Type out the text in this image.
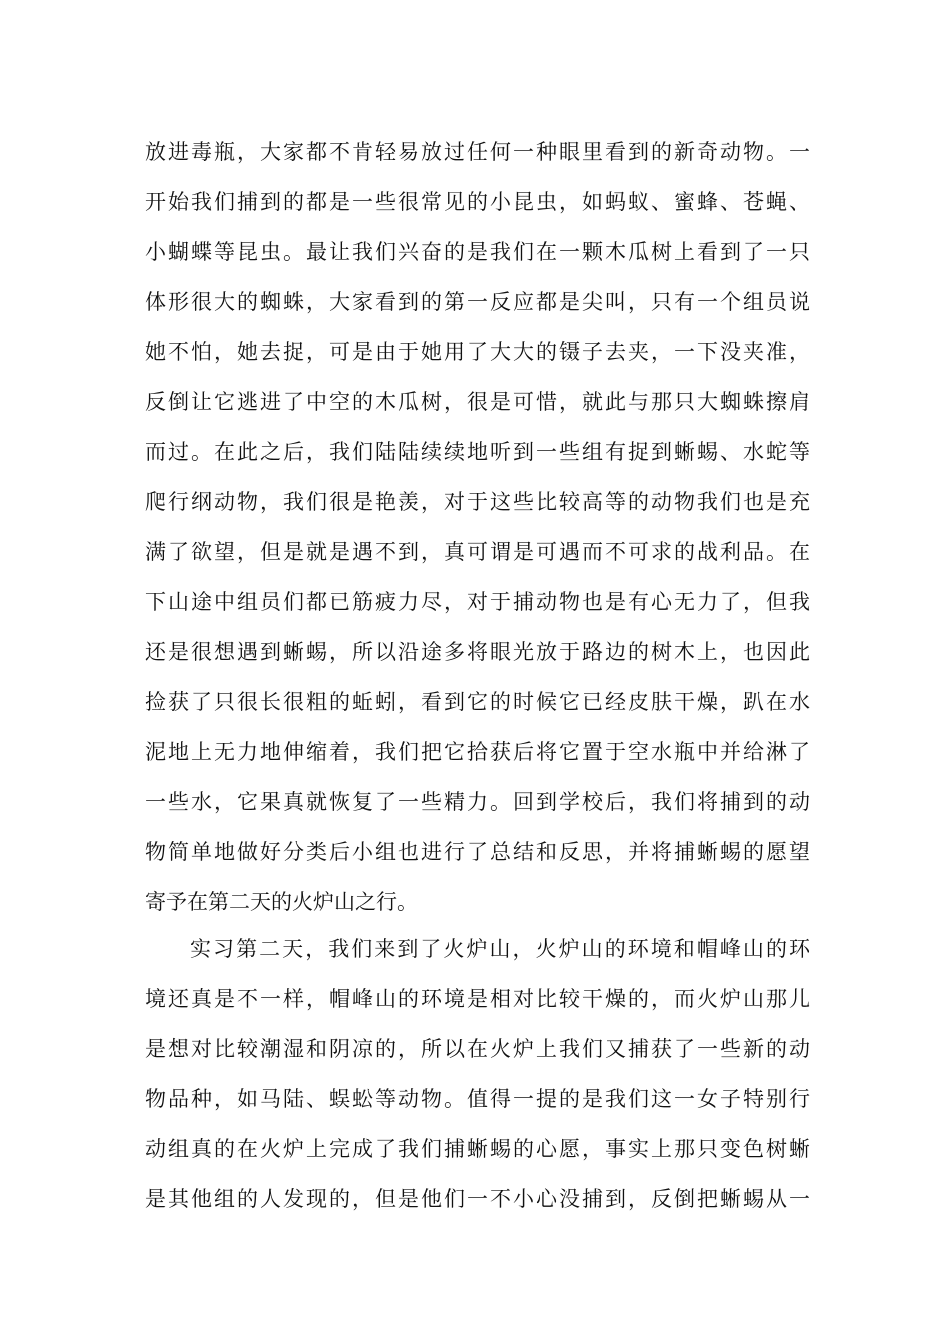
放进毒瓶，大家都不肯轻易放过任何一种眼里看到的新奇动物。一
开始我们捕到的都是一些很常见的小昆虫，如蚂蚁、蜜蜂、苍蝇、
小蝴蝶等昆虫。最让我们兴奋的是我们在一颗木瓜树上看到了一只
体形很大的蜘蛛，大家看到的第一反应都是尖叫，只有一个组员说
她不怕，她去捉，可是由于她用了大大的镊子去夹，一下没夹准，
反倒让它逃进了中空的木瓜树，很是可惜，就此与那只大蜘蛛擦肩
而过。在此之后，我们陆陆续续地听到一些组有捉到蜥蜴、水蛇等
爬行纲动物，我们很是艳羡，对于这些比较高等的动物我们也是充
满了欲望，但是就是遇不到，真可谓是可遇而不可求的战利品。在
下山途中组员们都已筋疲力尽，对于捕动物也是有心无力了，但我
还是很想遇到蜥蜴，所以沿途多将眼光放于路边的树木上，也因此
捡获了只很长很粗的蚯蚓，看到它的时候它已经皮肤干燥，趴在水
泥地上无力地伸缩着，我们把它拾获后将它置于空水瓶中并给淋了
一些水，它果真就恢复了一些精力。回到学校后，我们将捕到的动
物简单地做好分类后小组也进行了总结和反思，并将捕蜥蜴的愿望
寄予在第二天的火炉山之行。
实习第二天，我们来到了火炉山，火炉山的环境和帽峰山的环
境还真是不一样，帽峰山的环境是相对比较干燥的，而火炉山那儿
是想对比较潮湿和阴凉的，所以在火炉上我们又捕获了一些新的动
物品种，如马陆、蜈蚣等动物。值得一提的是我们这一女子特别行
动组真的在火炉上完成了我们捕蜥蜴的心愿，事实上那只变色树蜥
是其他组的人发现的，但是他们一不小心没捕到，反倒把蜥蜴从一
